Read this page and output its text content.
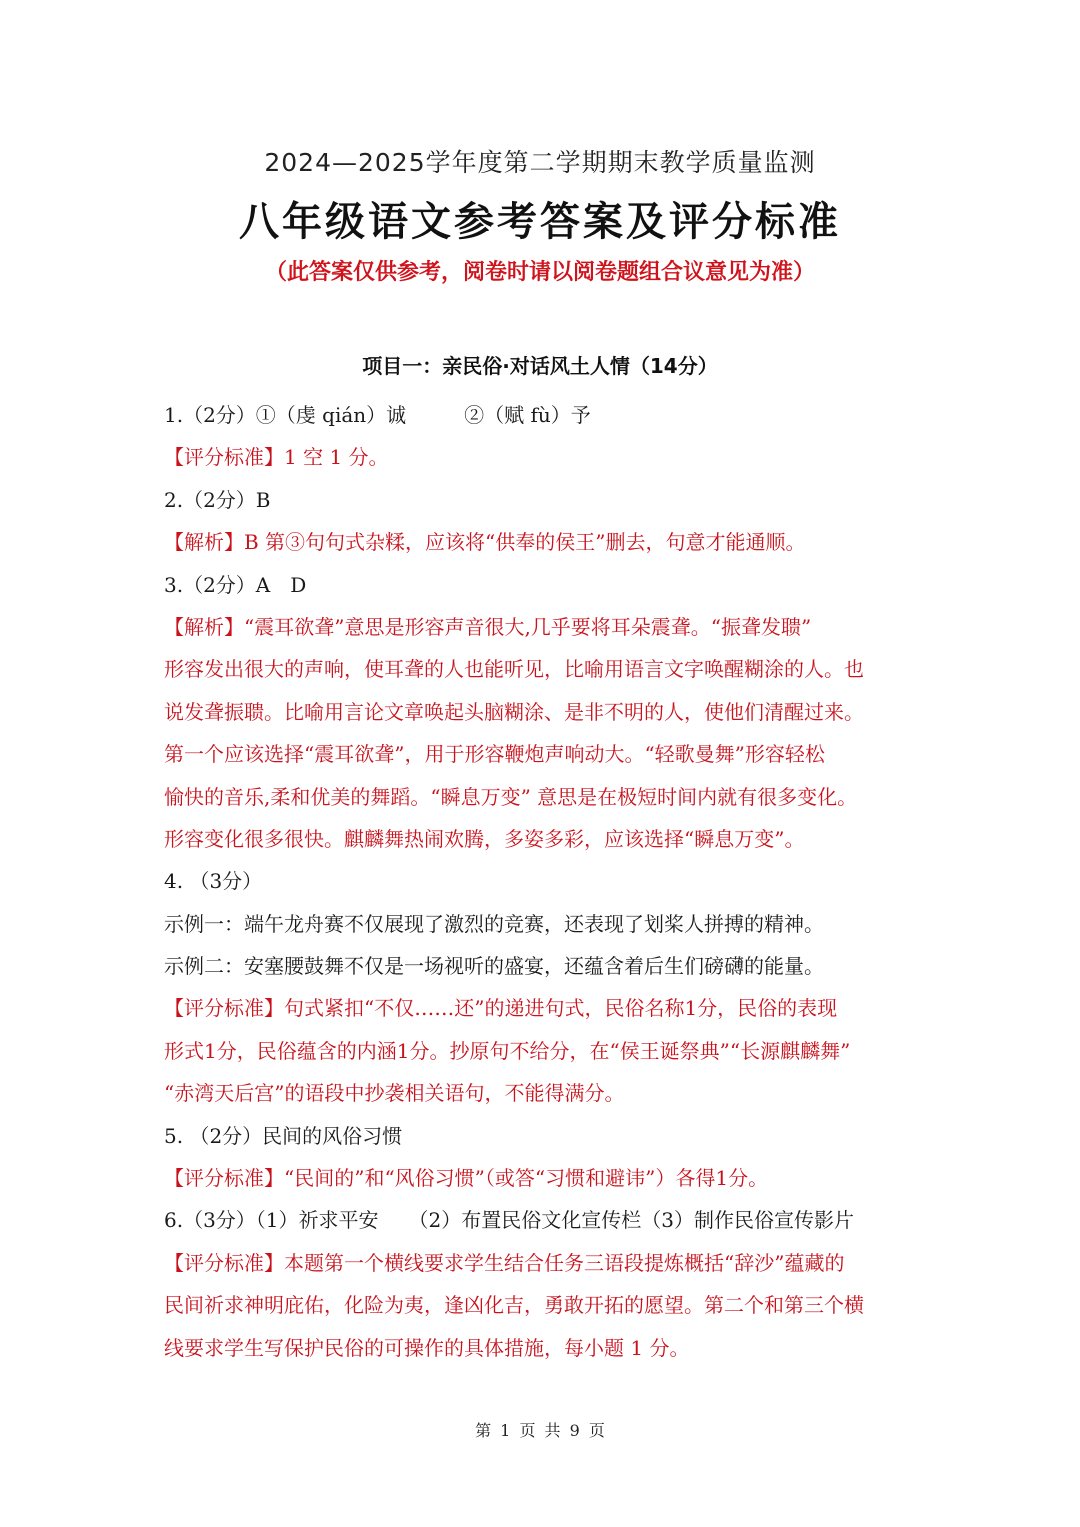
2024—2025学年度第二学期期末教学质量监测
八年级语文参考答案及评分标准
（此答案仅供参考，阅卷时请以阅卷题组合议意见为准）
项目一：亲民俗·对话风土人情（14分）
1.（2分）①（虔 qián）诚	②（赋 fù）予
【评分标准】1 空 1 分。
2.（2分）B
【解析】B 第③句句式杂糅，应该将“供奉的侯王”删去，句意才能通顺。
3.（2分）A　D
【解析】“震耳欲聋”意思是形容声音很大,几乎要将耳朵震聋。“振聋发聩”
形容发出很大的声响，使耳聋的人也能听见，比喻用语言文字唤醒糊涂的人。也
说发聋振聩。比喻用言论文章唤起头脑糊涂、是非不明的人，使他们清醒过来。
第一个应该选择“震耳欲聋”，用于形容鞭炮声响动大。“轻歌曼舞”形容轻松
愉快的音乐,柔和优美的舞蹈。“瞬息万变” 意思是在极短时间内就有很多变化。
形容变化很多很快。麒麟舞热闹欢腾，多姿多彩，应该选择“瞬息万变”。
4. （3分）
示例一：端午龙舟赛不仅展现了激烈的竞赛，还表现了划桨人拼搏的精神。
示例二：安塞腰鼓舞不仅是一场视听的盛宴，还蕴含着后生们磅礴的能量。
【评分标准】句式紧扣“不仅……还”的递进句式，民俗名称1分，民俗的表现
形式1分，民俗蕴含的内涵1分。抄原句不给分，在“侯王诞祭典”“长源麒麟舞”
“赤湾天后宫”的语段中抄袭相关语句，不能得满分。
5. （2分）民间的风俗习惯
【评分标准】“民间的”和“风俗习惯”（或答“习惯和避讳”）各得1分。
6.（3分）（1）祈求平安 （2）布置民俗文化宣传栏（3）制作民俗宣传影片
【评分标准】本题第一个横线要求学生结合任务三语段提炼概括“辞沙”蕴藏的
民间祈求神明庇佑，化险为夷，逢凶化吉，勇敢开拓的愿望。第二个和第三个横
线要求学生写保护民俗的可操作的具体措施，每小题 1 分。
第 1 页 共 9 页
